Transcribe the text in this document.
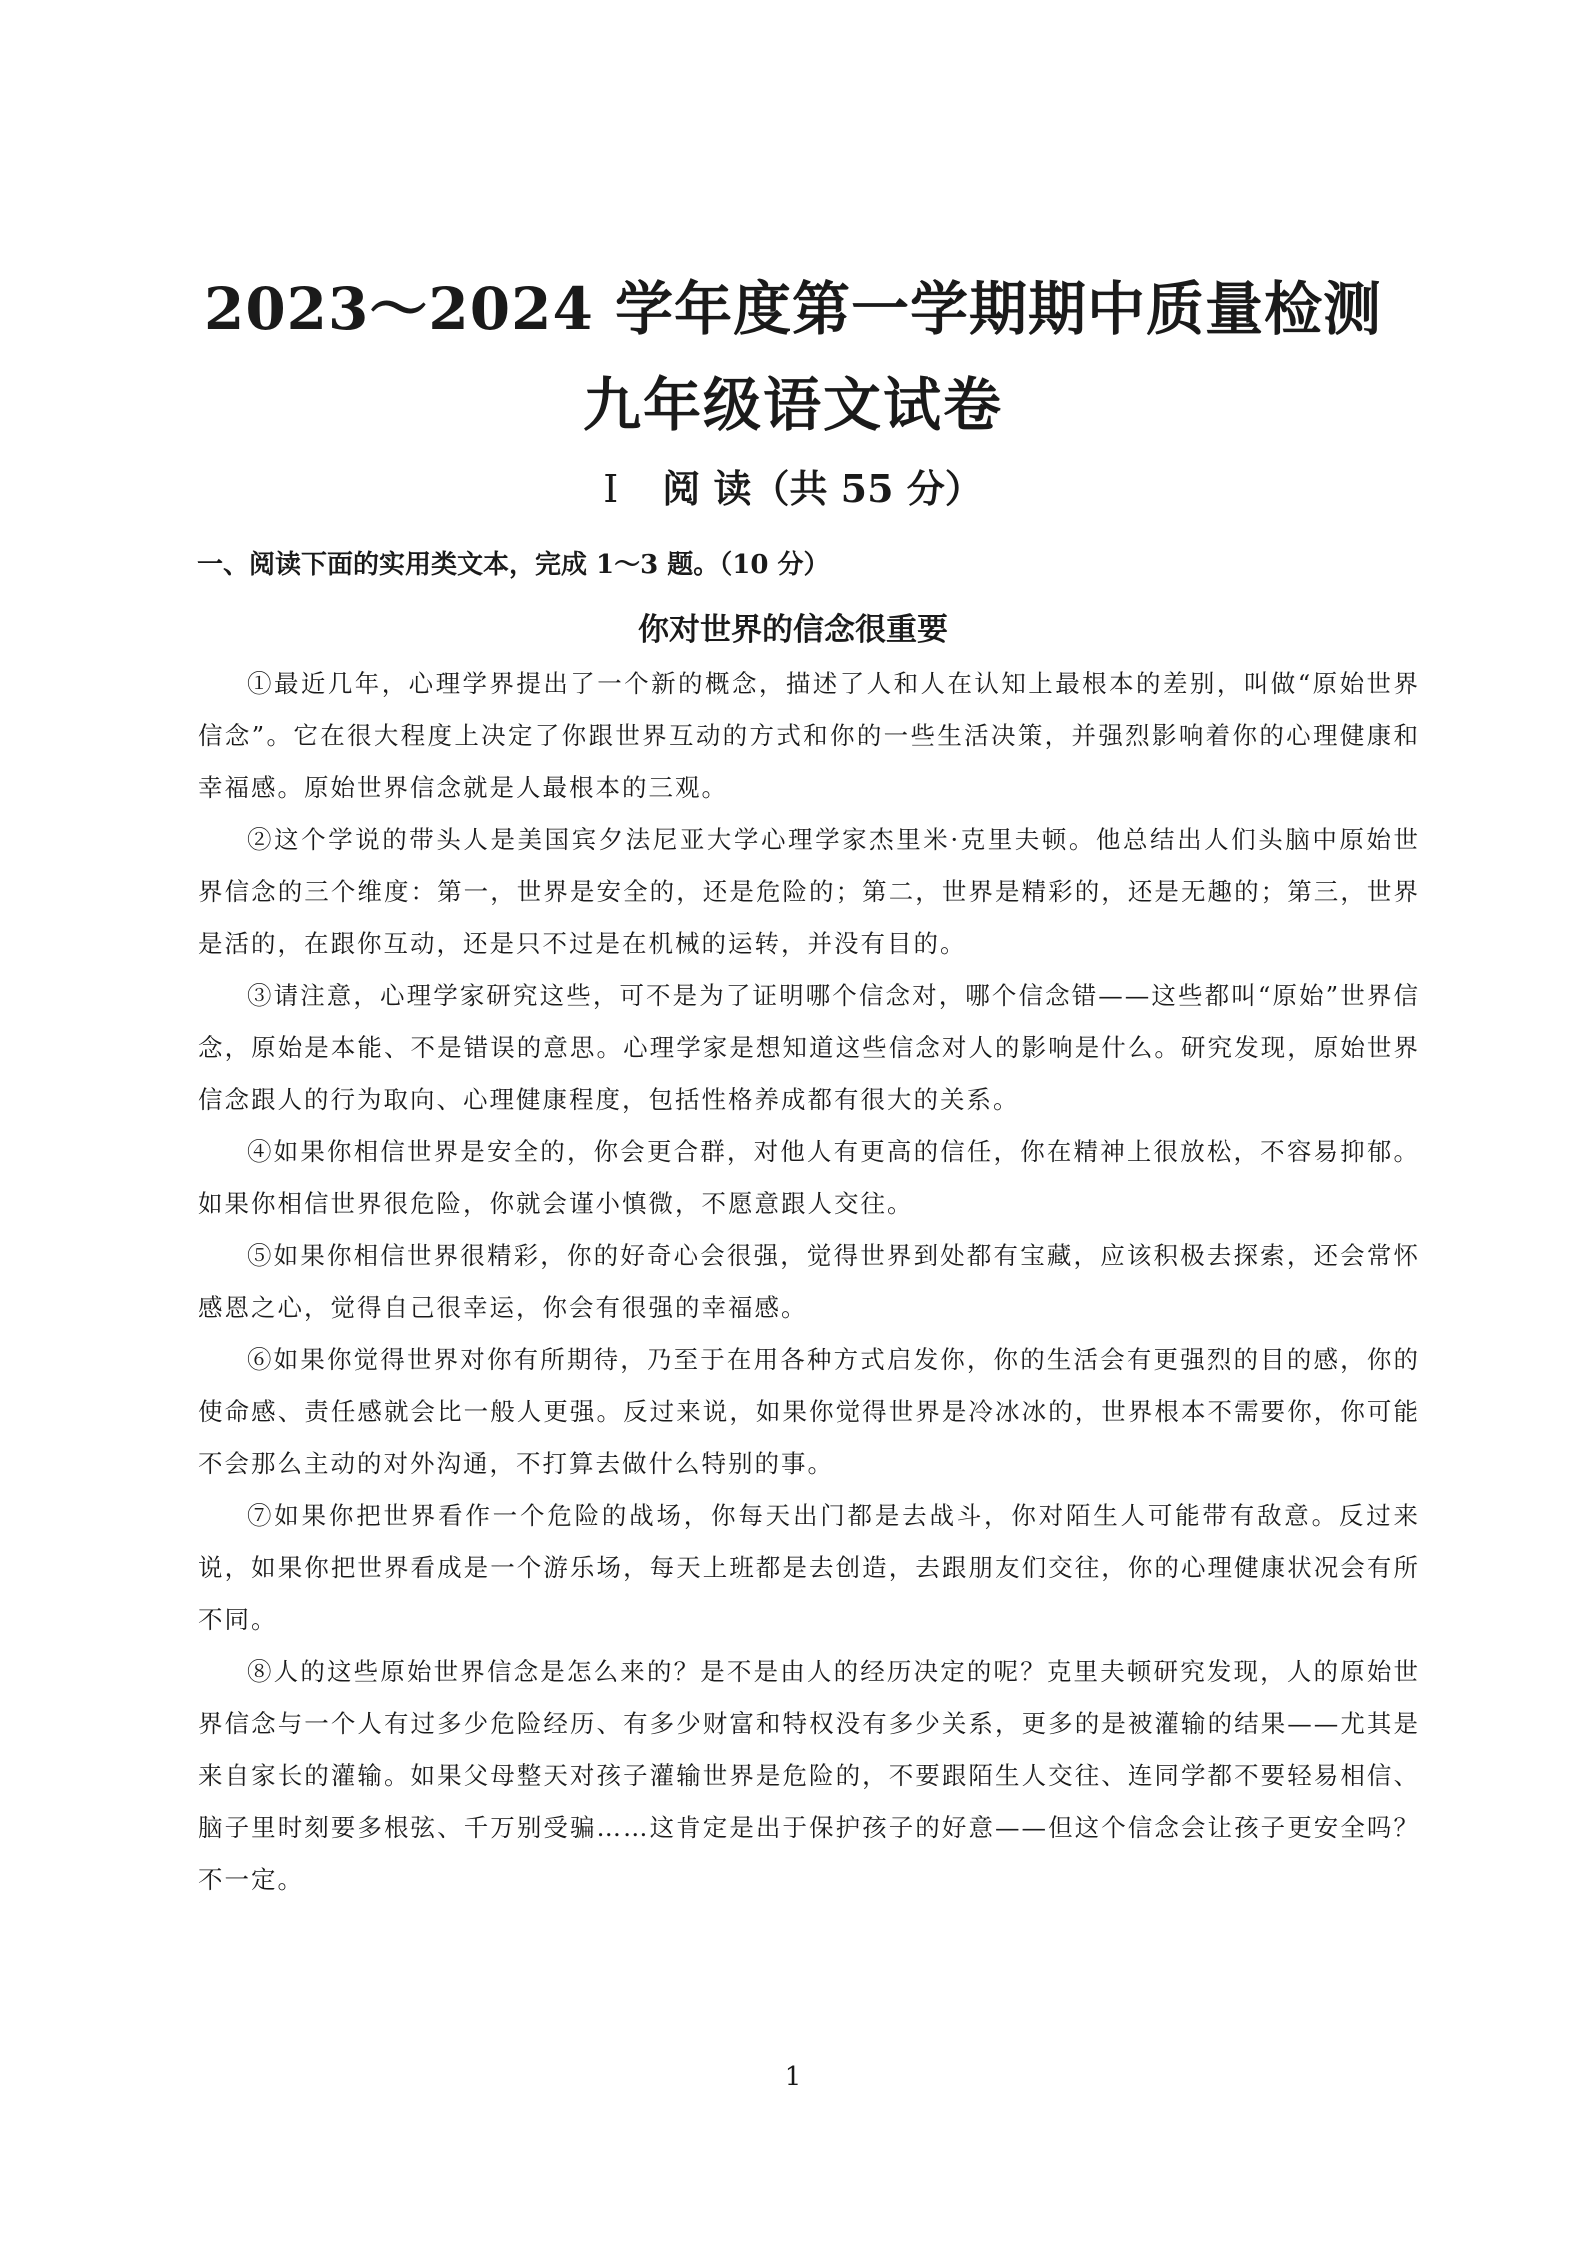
2023～2024 学年度第一学期期中质量检测
九年级语文试卷
Ⅰ 阅 读（共 55 分）
一、阅读下面的实用类文本，完成 1～3 题。（10 分）
你对世界的信念很重要

①最近几年，心理学界提出了一个新的概念，描述了人和人在认知上最根本的差别，叫做“原始世界信念”。它在很大程度上决定了你跟世界互动的方式和你的一些生活决策，并强烈影响着你的心理健康和幸福感。原始世界信念就是人最根本的三观。

②这个学说的带头人是美国宾夕法尼亚大学心理学家杰里米·克里夫顿。他总结出人们头脑中原始世界信念的三个维度：第一，世界是安全的，还是危险的；第二，世界是精彩的，还是无趣的；第三，世界是活的，在跟你互动，还是只不过是在机械的运转，并没有目的。

③请注意，心理学家研究这些，可不是为了证明哪个信念对，哪个信念错——这些都叫“原始”世界信念，原始是本能、不是错误的意思。心理学家是想知道这些信念对人的影响是什么。研究发现，原始世界信念跟人的行为取向、心理健康程度，包括性格养成都有很大的关系。

④如果你相信世界是安全的，你会更合群，对他人有更高的信任，你在精神上很放松，不容易抑郁。如果你相信世界很危险，你就会谨小慎微，不愿意跟人交往。

⑤如果你相信世界很精彩，你的好奇心会很强，觉得世界到处都有宝藏，应该积极去探索，还会常怀感恩之心，觉得自己很幸运，你会有很强的幸福感。

⑥如果你觉得世界对你有所期待，乃至于在用各种方式启发你，你的生活会有更强烈的目的感，你的使命感、责任感就会比一般人更强。反过来说，如果你觉得世界是冷冰冰的，世界根本不需要你，你可能不会那么主动的对外沟通，不打算去做什么特别的事。

⑦如果你把世界看作一个危险的战场，你每天出门都是去战斗，你对陌生人可能带有敌意。反过来说，如果你把世界看成是一个游乐场，每天上班都是去创造，去跟朋友们交往，你的心理健康状况会有所不同。

⑧人的这些原始世界信念是怎么来的？是不是由人的经历决定的呢？克里夫顿研究发现，人的原始世界信念与一个人有过多少危险经历、有多少财富和特权没有多少关系，更多的是被灌输的结果——尤其是来自家长的灌输。如果父母整天对孩子灌输世界是危险的，不要跟陌生人交往、连同学都不要轻易相信、脑子里时刻要多根弦、千万别受骗……这肯定是出于保护孩子的好意——但这个信念会让孩子更安全吗？不一定。

1
